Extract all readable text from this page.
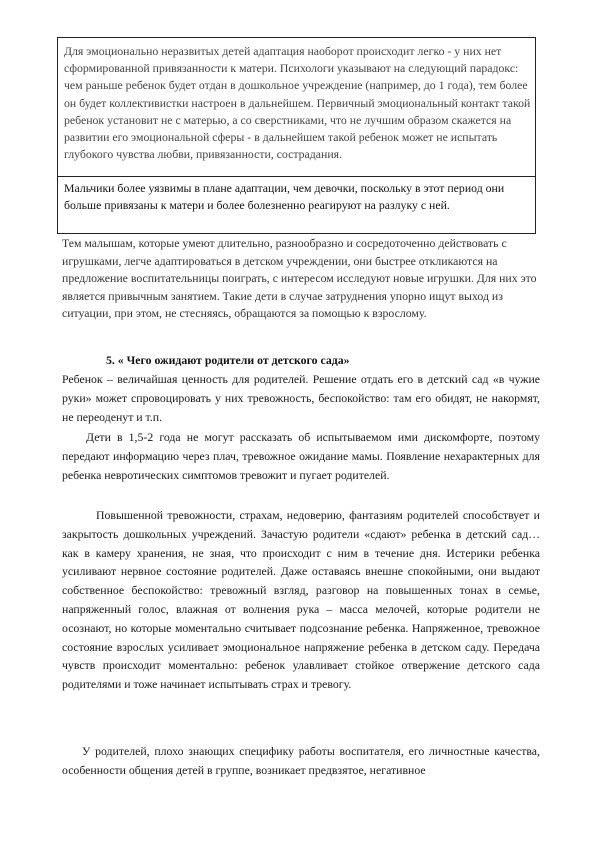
Для эмоционально неразвитых детей адаптация наоборот происходит легко - у них нет сформированной привязанности к матери. Психологи указывают на следующий парадокс: чем раньше ребенок будет отдан в дошкольное учреждение (например, до 1 года), тем более он будет коллективистки настроен в дальнейшем. Первичный эмоциональный контакт такой ребенок установит не с матерью, а со сверстниками, что не лучшим образом скажется на развитии его эмоциональной сферы - в дальнейшем такой ребенок может не испытать глубокого чувства любви, привязанности, сострадания.

Мальчики более уязвимы в плане адаптации, чем девочки, поскольку в этот период они больше привязаны к матери и более болезненно реагируют на разлуку с ней.

Тем малышам, которые умеют длительно, разнообразно и сосредоточенно действовать с игрушками, легче адаптироваться в детском учреждении, они быстрее откликаются на предложение воспитательницы поиграть, с интересом исследуют новые игрушки. Для них это является привычным занятием. Такие дети в случае затруднения упорно ищут выход из ситуации, при этом, не стесняясь, обращаются за помощью к взрослому.

5. « Чего ожидают родители от детского сада»

Ребенок – величайшая ценность для родителей. Решение отдать его в детский сад «в чужие руки» может спровоцировать у них тревожность, беспокойство: там его обидят, не накормят, не переоденут и т.п.

Дети в 1,5-2 года не могут рассказать об испытываемом ими дискомфорте, поэтому передают информацию через плач, тревожное ожидание мамы. Появление нехарактерных для ребенка невротических симптомов тревожит и пугает родителей.

Повышенной тревожности, страхам, недоверию, фантазиям родителей способствует и закрытость дошкольных учреждений. Зачастую родители «сдают» ребенка в детский сад… как в камеру хранения, не зная, что происходит с ним в течение дня. Истерики ребенка усиливают нервное состояние родителей. Даже оставаясь внешне спокойными, они выдают собственное беспокойство: тревожный взгляд, разговор на повышенных тонах в семье, напряженный голос, влажная от волнения рука – масса мелочей, которые родители не осознают, но которые моментально считывает подсознание ребенка. Напряженное, тревожное состояние взрослых усиливает эмоциональное напряжение ребенка в детском саду. Передача чувств происходит моментально: ребенок улавливает стойкое отвержение детского сада родителями и тоже начинает испытывать страх и тревогу.

У родителей, плохо знающих специфику работы воспитателя, его личностные качества, особенности общения детей в группе, возникает предвзятое, негативное
